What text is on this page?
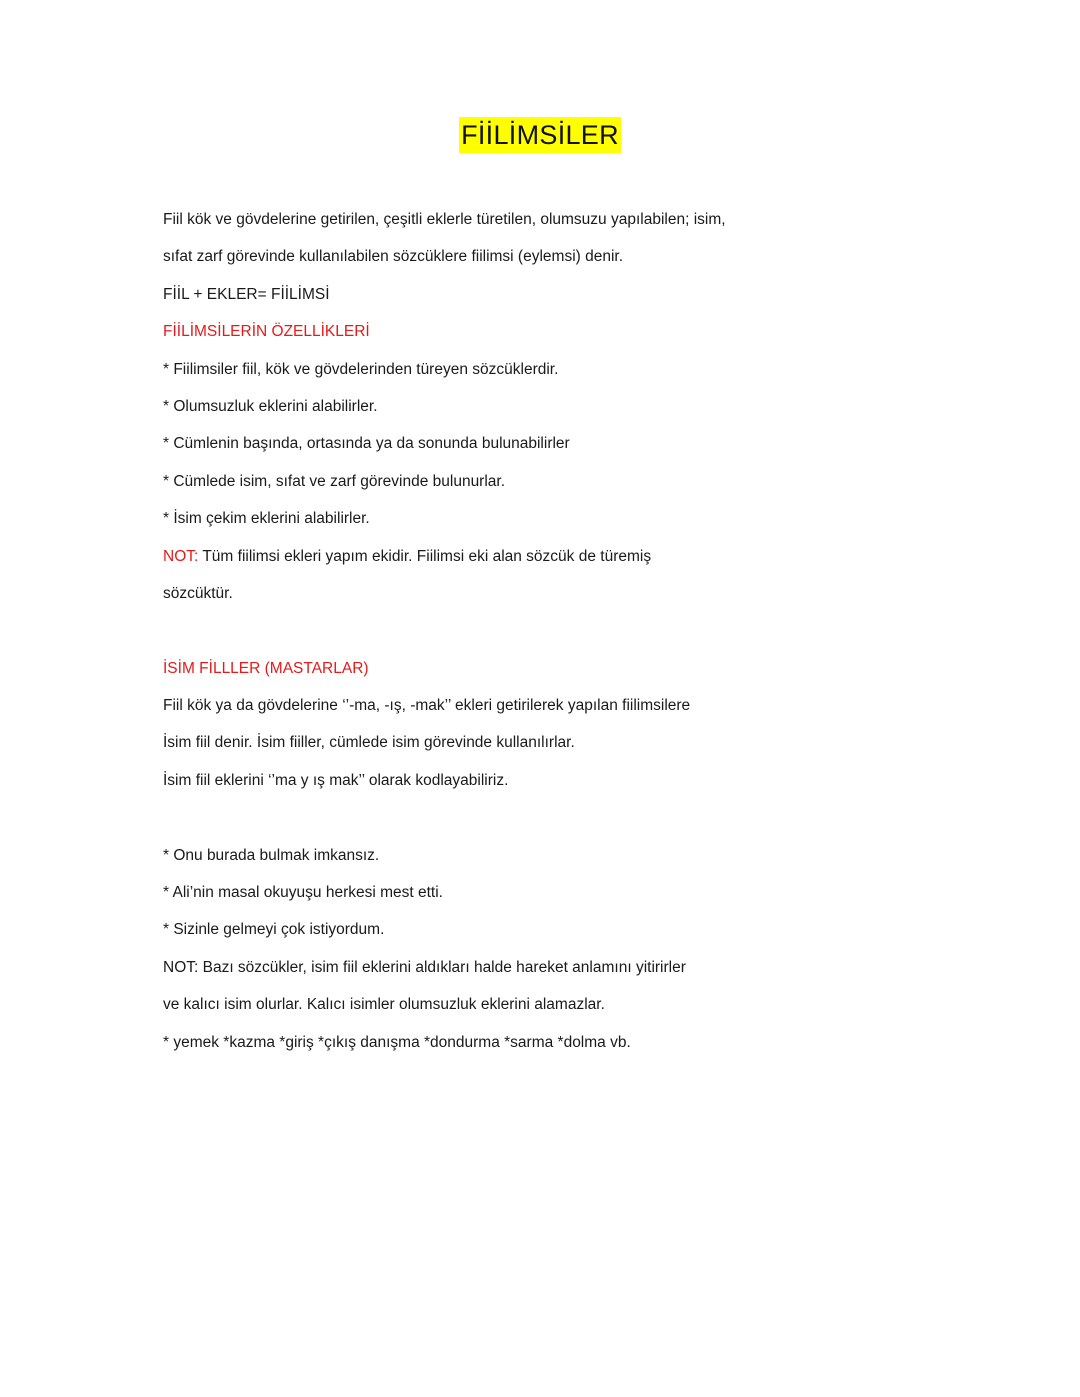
FİİLİMSİLER
Fiil kök ve gövdelerine getirilen, çeşitli eklerle türetilen, olumsuzu yapılabilen; isim,
sıfat zarf görevinde kullanılabilen sözcüklere fiilimsi (eylemsi) denir.
FİİL + EKLER= FİİLİMSİ
FİİLİMSİLERİN ÖZELLİKLERİ
* Fiilimsiler fiil, kök ve gövdelerinden türeyen sözcüklerdir.
* Olumsuzluk eklerini alabilirler.
* Cümlenin başında, ortasında ya da sonunda bulunabilirler
* Cümlede isim, sıfat ve zarf görevinde bulunurlar.
* İsim çekim eklerini alabilirler.
NOT: Tüm fiilimsi ekleri yapım ekidir. Fiilimsi eki alan sözcük de türemiş
sözcüktür.
İSİM FİLLLER (MASTARLAR)
Fiil kök ya da gövdelerine ‘’-ma, -ış, -mak’’ ekleri getirilerek yapılan fiilimsilere
İsim fiil denir. İsim fiiller, cümlede isim görevinde kullanılırlar.
İsim fiil eklerini ‘’ma y ış mak’’ olarak kodlayabiliriz.
* Onu burada bulmak imkansız.
* Ali’nin masal okuyuşu herkesi mest etti.
* Sizinle gelmeyi çok istiyordum.
NOT: Bazı sözcükler, isim fiil eklerini aldıkları halde hareket anlamını yitirirler
ve kalıcı isim olurlar. Kalıcı isimler olumsuzluk eklerini alamazlar.
* yemek *kazma *giriş *çıkış danışma *dondurma *sarma *dolma vb.
